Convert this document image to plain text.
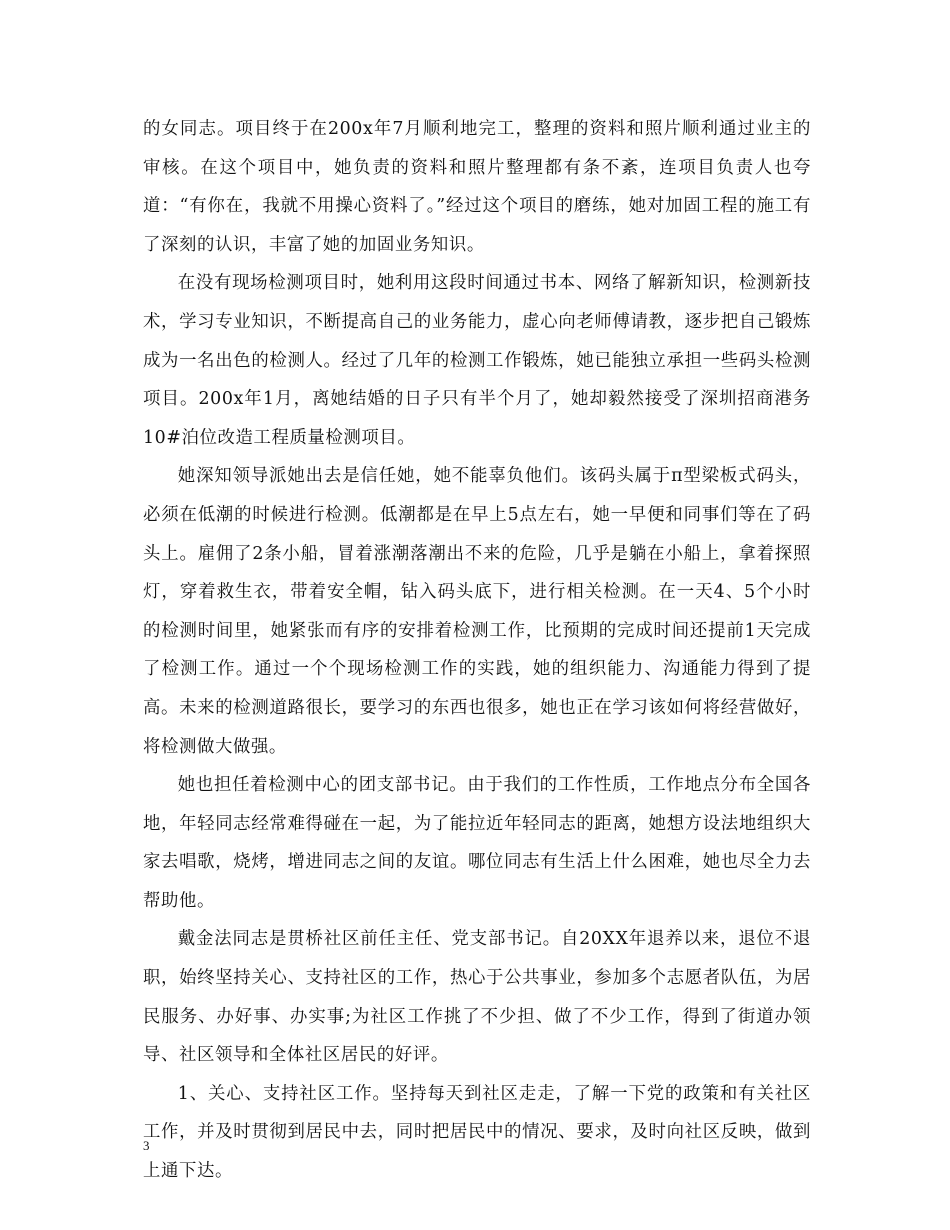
的女同志。项目终于在200x年7月顺利地完工，整理的资料和照片顺利通过业主的审核。在这个项目中，她负责的资料和照片整理都有条不紊，连项目负责人也夸道：“有你在，我就不用操心资料了。”经过这个项目的磨练，她对加固工程的施工有了深刻的认识，丰富了她的加固业务知识。

在没有现场检测项目时，她利用这段时间通过书本、网络了解新知识，检测新技术，学习专业知识，不断提高自己的业务能力，虚心向老师傅请教，逐步把自己锻炼成为一名出色的检测人。经过了几年的检测工作锻炼，她已能独立承担一些码头检测项目。200x年1月，离她结婚的日子只有半个月了，她却毅然接受了深圳招商港务10#泊位改造工程质量检测项目。

她深知领导派她出去是信任她，她不能辜负他们。该码头属于π型梁板式码头，必须在低潮的时候进行检测。低潮都是在早上5点左右，她一早便和同事们等在了码头上。雇佣了2条小船，冒着涨潮落潮出不来的危险，几乎是躺在小船上，拿着探照灯，穿着救生衣，带着安全帽，钻入码头底下，进行相关检测。在一天4、5个小时的检测时间里，她紧张而有序的安排着检测工作，比预期的完成时间还提前1天完成了检测工作。通过一个个现场检测工作的实践，她的组织能力、沟通能力得到了提高。未来的检测道路很长，要学习的东西也很多，她也正在学习该如何将经营做好，将检测做大做强。

她也担任着检测中心的团支部书记。由于我们的工作性质，工作地点分布全国各地，年轻同志经常难得碰在一起，为了能拉近年轻同志的距离，她想方设法地组织大家去唱歌，烧烤，增进同志之间的友谊。哪位同志有生活上什么困难，她也尽全力去帮助他。

戴金法同志是贯桥社区前任主任、党支部书记。自20XX年退养以来，退位不退职，始终坚持关心、支持社区的工作，热心于公共事业，参加多个志愿者队伍，为居民服务、办好事、办实事;为社区工作挑了不少担、做了不少工作，得到了街道办领导、社区领导和全体社区居民的好评。

1、关心、支持社区工作。坚持每天到社区走走，了解一下党的政策和有关社区工作，并及时贯彻到居民中去，同时把居民中的情况、要求，及时向社区反映，做到上通下达。

3
